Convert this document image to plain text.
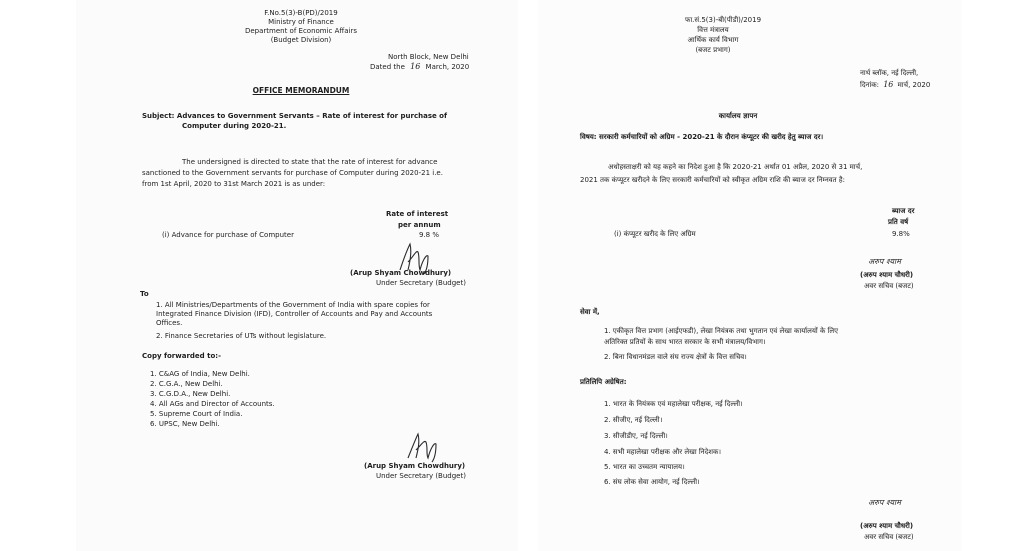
F.No.5(3)-B(PD)/2019
Ministry of Finance
Department of Economic Affairs
(Budget Division)
North Block, New Delhi
Dated the 16 March, 2020
OFFICE MEMORANDUM
Subject: Advances to Government Servants – Rate of interest for purchase of
Computer during 2020-21.
The undersigned is directed to state that the rate of interest for advance
sanctioned to the Government servants for purchase of Computer during 2020-21 i.e.
from 1st April, 2020 to 31st March 2021 is as under:
Rate of interest
per annum
(i) Advance for purchase of Computer	9.8 %
(Arup Shyam Chowdhury)
Under Secretary (Budget)
To
1. All Ministries/Departments of the Government of India with spare copies for
Integrated Finance Division (IFD), Controller of Accounts and Pay and Accounts
Offices.
2. Finance Secretaries of UTs without legislature.
Copy forwarded to:-
1. C&AG of India, New Delhi.
2. C.G.A., New Delhi.
3. C.G.D.A., New Delhi.
4. All AGs and Director of Accounts.
5. Supreme Court of India.
6. UPSC, New Delhi.
(Arup Shyam Chowdhury)
Under Secretary (Budget)
फा.सं.5(3)-बी(पीडी)/2019
वित्त मंत्रालय
आर्थिक कार्य विभाग
(बजट प्रभाग)
नार्थ ब्लॉक, नई दिल्ली,
दिनांक: 16 मार्च, 2020
कार्यालय ज्ञापन
विषय: सरकारी कर्मचारियों को अग्रिम - 2020-21 के दौरान कंप्यूटर की खरीद हेतु ब्याज दर।
अधोहस्ताक्षरी को यह कहने का निदेश हुआ है कि 2020-21 अर्थात 01 अप्रैल, 2020 से 31 मार्च,
2021 तक कंप्यूटर खरीदने के लिए सरकारी कर्मचारियों को स्वीकृत अग्रिम राशि की ब्याज दर निम्नवत है:
ब्याज दर
प्रति वर्ष
(i) कंप्यूटर खरीद के लिए अग्रिम	9.8%
अरुप श्याम
(अरुप श्याम चौधरी)
अवर सचिव (बजट)
सेवा में,
1. एकीकृत वित्त प्रभाग (आईएफडी), लेखा नियंत्रक तथा भुगतान एवं लेखा कार्यालयों के लिए
अतिरिक्त प्रतियों के साथ भारत सरकार के सभी मंत्रालय/विभाग।
2. बिना विधानमंडल वाले संघ राज्य क्षेत्रों के वित्त सचिव।
प्रतिलिपि अग्रेषित:
1. भारत के नियंत्रक एवं महालेखा परीक्षक, नई दिल्ली।
2. सीजीए, नई दिल्ली।
3. सीजीडीए, नई दिल्ली।
4. सभी महालेखा परीक्षक और लेखा निदेशक।
5. भारत का उच्चतम न्यायालय।
6. संघ लोक सेवा आयोग, नई दिल्ली।
अरुप श्याम
(अरुप श्याम चौधरी)
अवर सचिव (बजट)
